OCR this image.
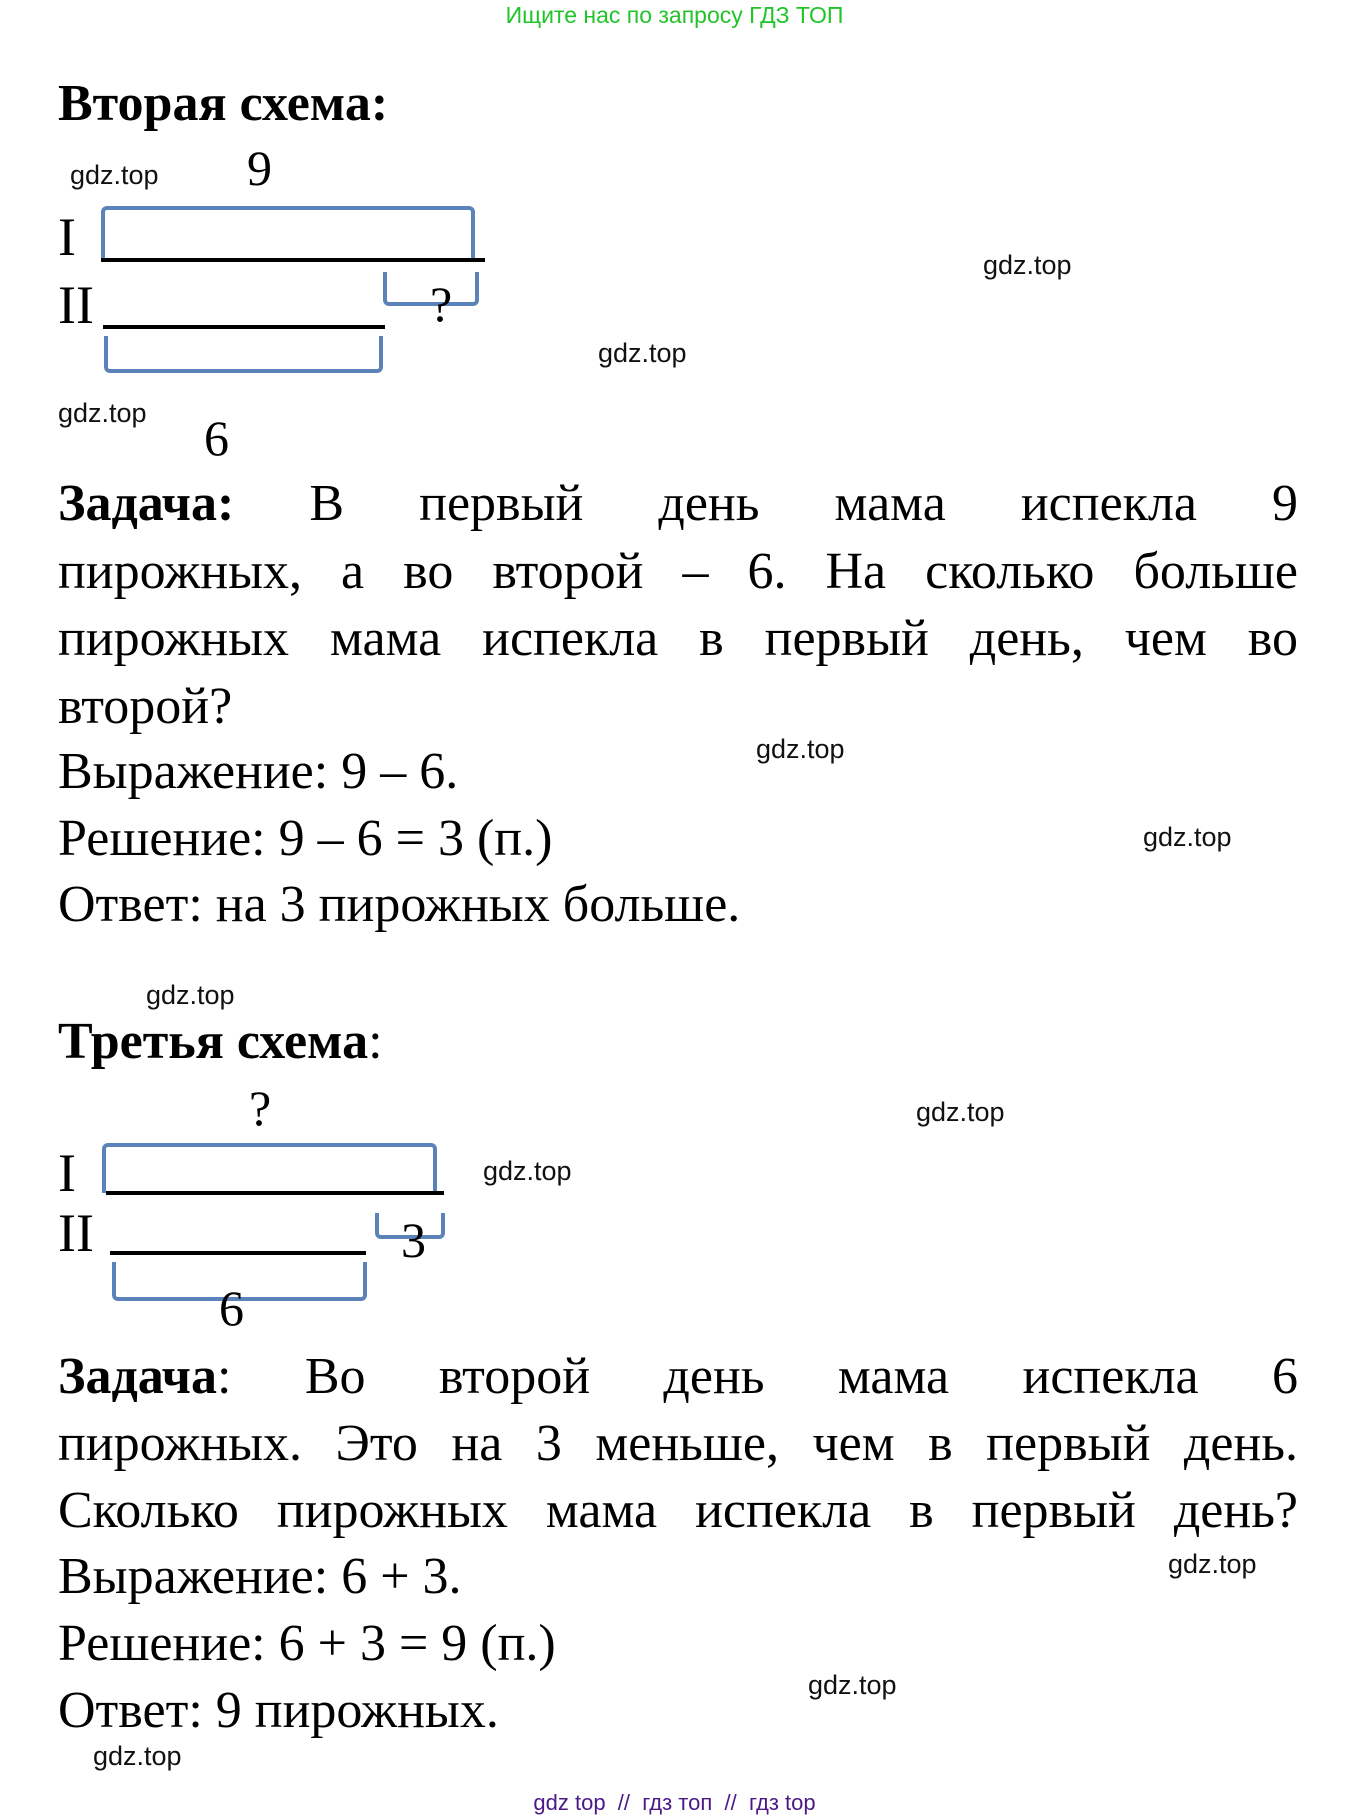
Ищите нас по запросу ГДЗ ТОП
Вторая схема:
gdz.top 9
gdz.top
I
?
II
gdz.top
gdz.top 6
Задача: В первый день мама испекла 9
пирожных, а во второй – 6. На сколько больше
пирожных мама испекла в первый день, чем во
второй?
gdz.top
Выражение: 9 – 6.
gdz.top
Решение: 9 – 6 = 3 (п.)
Ответ: на 3 пирожных больше.
gdz.top
Третья схема:
?	gdz.top
gdz.top
I
3
II
6
Задача: Во второй день мама испекла 6
пирожных. Это на 3 меньше, чем в первый день.
Сколько пирожных мама испекла в первый день?
gdz.top
Выражение: 6 + 3.
Решение: 6 + 3 = 9 (п.)
gdz.top
Ответ: 9 пирожных.
gdz.top
gdz top  //  гдз топ  //  гдз top
